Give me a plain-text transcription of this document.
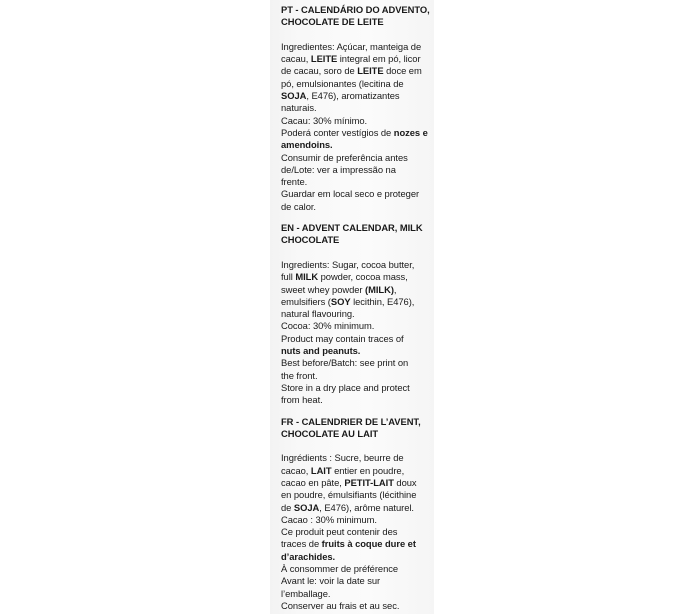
PT - CALENDÁRIO DO ADVENTO,
CHOCOLATE DE LEITE
Ingredientes: Açúcar, manteiga de
cacau, LEITE integral em pó, licor
de cacau, soro de LEITE doce em
pó, emulsionantes (lecitina de
SOJA, E476), aromatizantes
naturais.
Cacau: 30% mínimo.
Poderá conter vestígios de nozes e
amendoins.
Consumir de preferência antes
de/Lote: ver a impressão na
frente.
Guardar em local seco e proteger
de calor.
EN - ADVENT CALENDAR, MILK
CHOCOLATE
Ingredients: Sugar, cocoa butter,
full MILK powder, cocoa mass,
sweet whey powder (MILK),
emulsifiers (SOY lecithin, E476),
natural flavouring.
Cocoa: 30% minimum.
Product may contain traces of
nuts and peanuts.
Best before/Batch: see print on
the front.
Store in a dry place and protect
from heat.
FR - CALENDRIER DE L’AVENT,
CHOCOLATE AU LAIT
Ingrédients : Sucre, beurre de
cacao, LAIT entier en poudre,
cacao en pâte, PETIT-LAIT doux
en poudre, émulsifiants (lécithine
de SOJA, E476), arôme naturel.
Cacao : 30% minimum.
Ce produit peut contenir des
traces de fruits à coque dure et
d’arachides.
À consommer de préférence
Avant le: voir la date sur
l’emballage.
Conserver au frais et au sec.
